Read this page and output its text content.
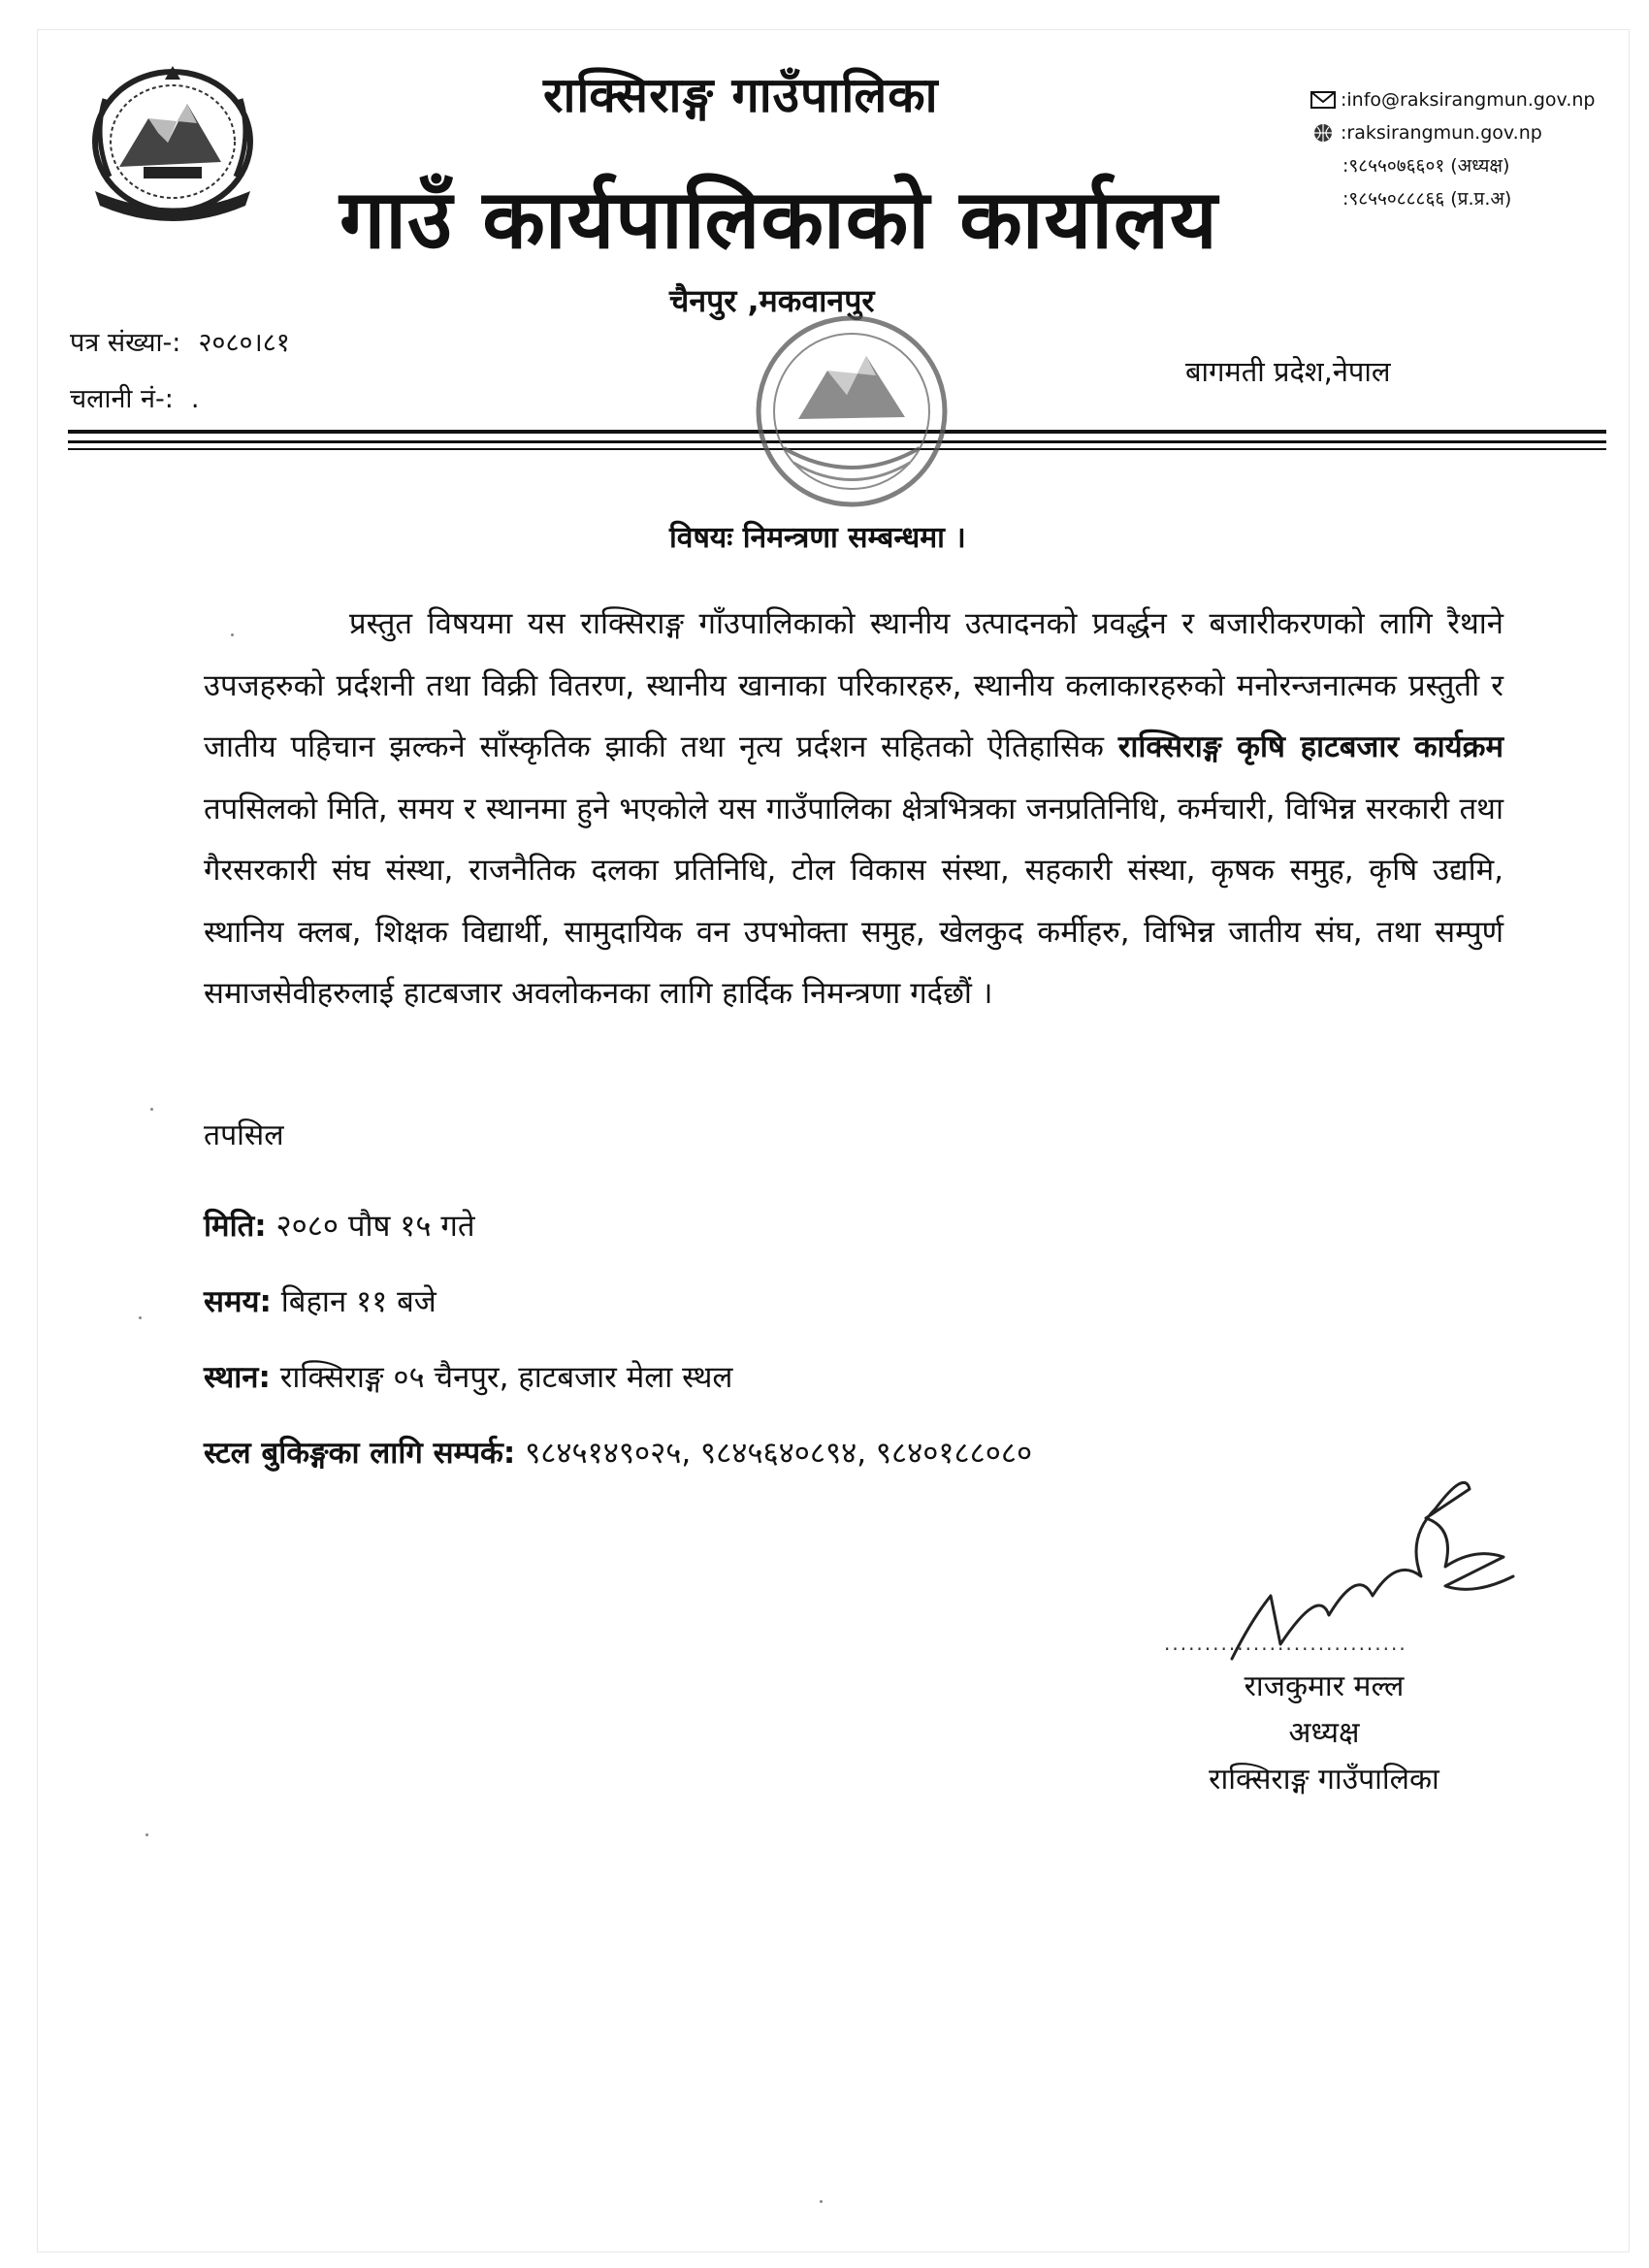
राक्सिराङ्ग गाउँपालिका
गाउँ कार्यपालिकाको कार्यालय
चैनपुर ,मकवानपुर
:info@raksirangmun.gov.np
:raksirangmun.gov.np
:९८५५०७६६०१ (अध्यक्ष)
:९८५५०८८८६६ (प्र.प्र.अ)
पत्र संख्या-: २०८०।८१
चलानी नं-: .
बागमती प्रदेश,नेपाल
विषयः निमन्त्रणा सम्बन्धमा ।
प्रस्तुत विषयमा यस राक्सिराङ्ग गाँउपालिकाको स्थानीय उत्पादनको प्रवर्द्धन र बजारीकरणको लागि रैथाने उपजहरुको प्रर्दशनी तथा विक्री वितरण, स्थानीय खानाका परिकारहरु, स्थानीय कलाकारहरुको मनोरन्जनात्मक प्रस्तुती र जातीय पहिचान झल्कने साँस्कृतिक झाकी तथा नृत्य प्रर्दशन सहितको ऐतिहासिक राक्सिराङ्ग कृषि हाटबजार कार्यक्रम तपसिलको मिति, समय र स्थानमा हुने भएकोले यस गाउँपालिका क्षेत्रभित्रका जनप्रतिनिधि, कर्मचारी, विभिन्न सरकारी तथा गैरसरकारी संघ संस्था, राजनैतिक दलका प्रतिनिधि, टोल विकास संस्था, सहकारी संस्था, कृषक समुह, कृषि उद्यमि, स्थानिय क्लब, शिक्षक विद्यार्थी, सामुदायिक वन उपभोक्ता समुह, खेलकुद कर्मीहरु, विभिन्न जातीय संघ, तथा सम्पुर्ण समाजसेवीहरुलाई हाटबजार अवलोकनका लागि हार्दिक निमन्त्रणा गर्दछौं ।
तपसिल
मिति: २०८० पौष १५ गते
समय: बिहान ११ बजे
स्थान: राक्सिराङ्ग ०५ चैनपुर, हाटबजार मेला स्थल
स्टल बुकिङ्गका लागि सम्पर्क: ९८४५१४९०२५, ९८४५६४०८९४, ९८४०१८८०८०
..............................
राजकुमार मल्ल
अध्यक्ष
राक्सिराङ्ग गाउँपालिका
